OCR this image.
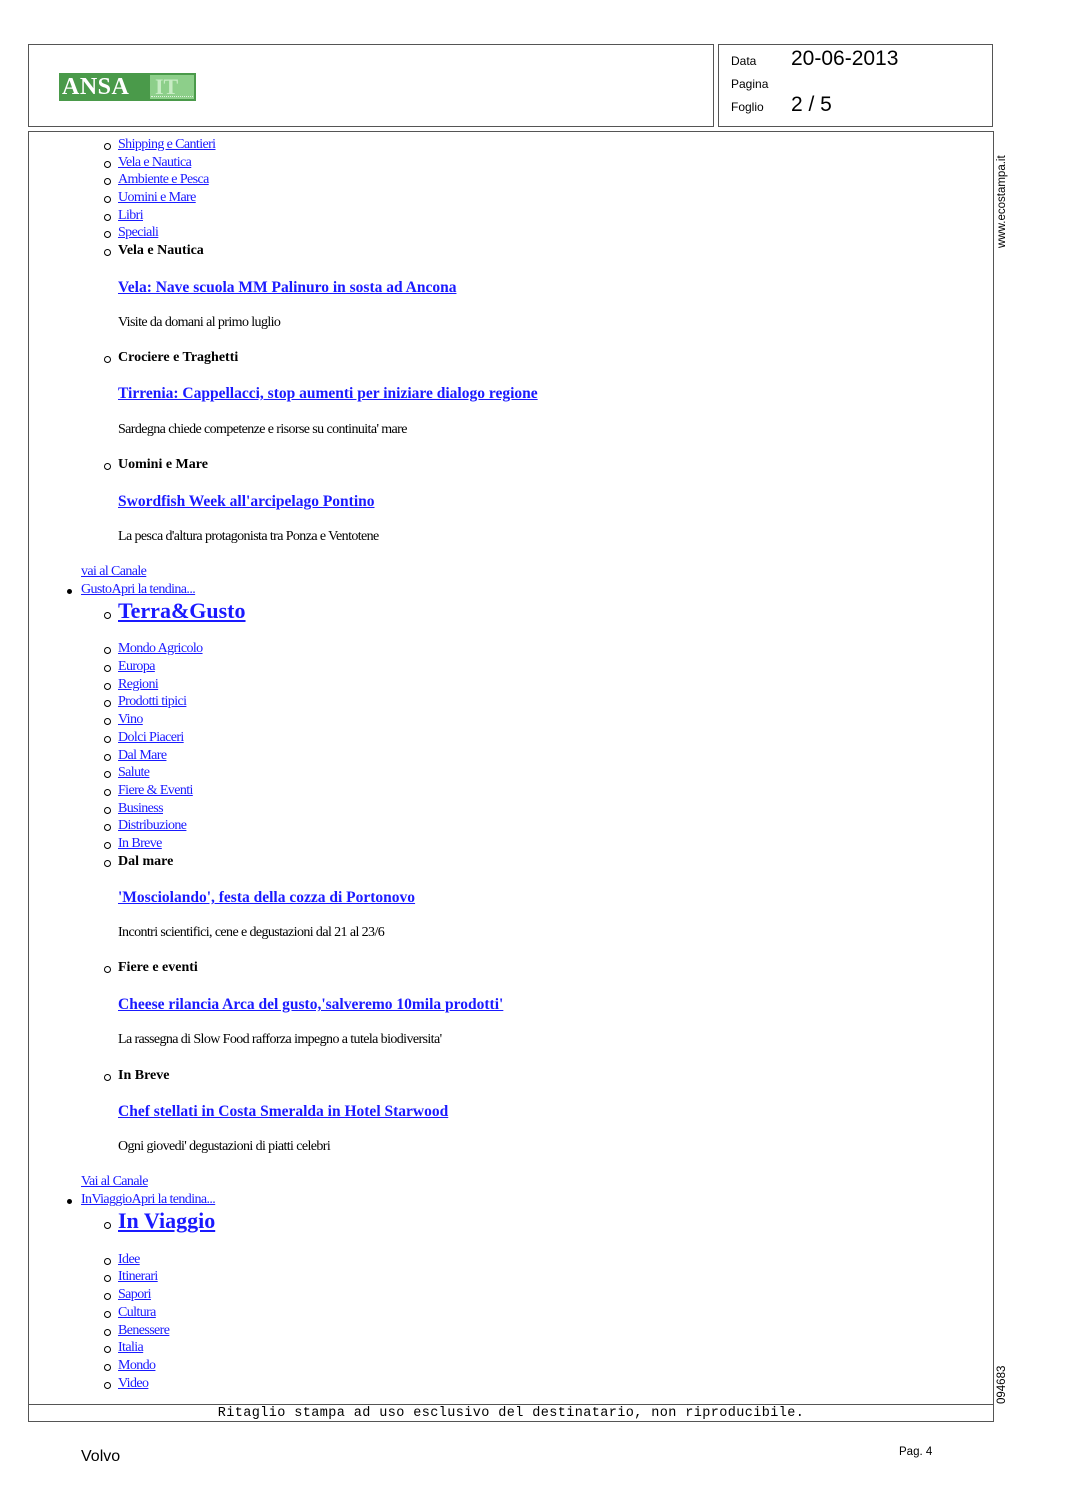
ANSA IT
Data 20-06-2013
Pagina
Foglio 2 / 5
Ritaglio stampa ad uso esclusivo del destinatario, non riproducibile.
www.ecostampa.it
094683
Shipping e Cantieri
Vela e Nautica
Ambiente e Pesca
Uomini e Mare
Libri
Speciali
Vela e Nautica
Vela: Nave scuola MM Palinuro in sosta ad Ancona
Visite da domani al primo luglio
Crociere e Traghetti
Tirrenia: Cappellacci, stop aumenti per iniziare dialogo regione
Sardegna chiede competenze e risorse su continuita' mare
Uomini e Mare
Swordfish Week all'arcipelago Pontino
La pesca d'altura protagonista tra Ponza e Ventotene
vai al Canale
GustoApri la tendina...
Terra&Gusto
Mondo Agricolo
Europa
Regioni
Prodotti tipici
Vino
Dolci Piaceri
Dal Mare
Salute
Fiere & Eventi
Business
Distribuzione
In Breve
Dal mare
'Mosciolando', festa della cozza di Portonovo
Incontri scientifici, cene e degustazioni dal 21 al 23/6
Fiere e eventi
Cheese rilancia Arca del gusto,'salveremo 10mila prodotti'
La rassegna di Slow Food rafforza impegno a tutela biodiversita'
In Breve
Chef stellati in Costa Smeralda in Hotel Starwood
Ogni giovedi' degustazioni di piatti celebri
Vai al Canale
InViaggioApri la tendina...
In Viaggio
Idee
Itinerari
Sapori
Cultura
Benessere
Italia
Mondo
Video
Volvo	Pag. 4
